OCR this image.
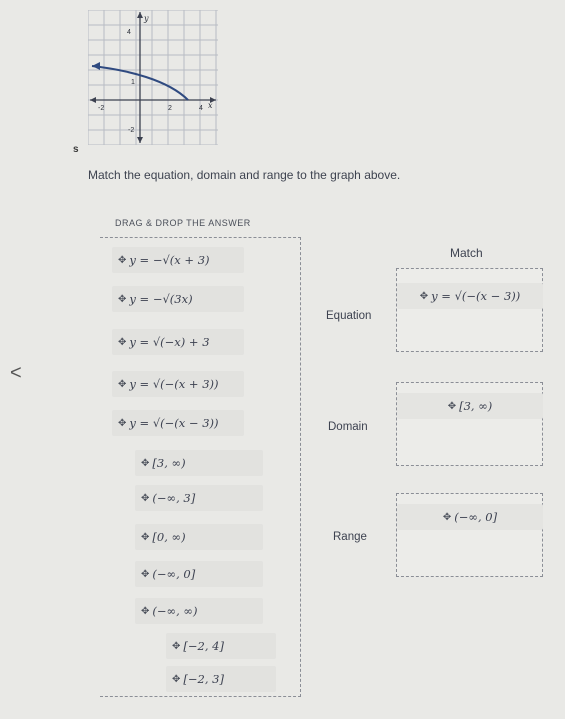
y
x
4
1
-2	2	4
-2
s
Match the equation, domain and range to the graph above.
<
DRAG & DROP THE ANSWER
✥ y = −√(x + 3)
✥ y = −√(3x)
✥ y = √(−x) + 3
✥ y = √(−(x + 3))
✥ y = √(−(x − 3))
✥ [3, ∞)
✥ (−∞, 3]
✥ [0, ∞)
✥ (−∞, 0]
✥ (−∞, ∞)
✥ [−2, 4]
✥ [−2, 3]
Match
Equation
✥ y = √(−(x − 3))
Domain
✥ [3, ∞)
Range
✥ (−∞, 0]
